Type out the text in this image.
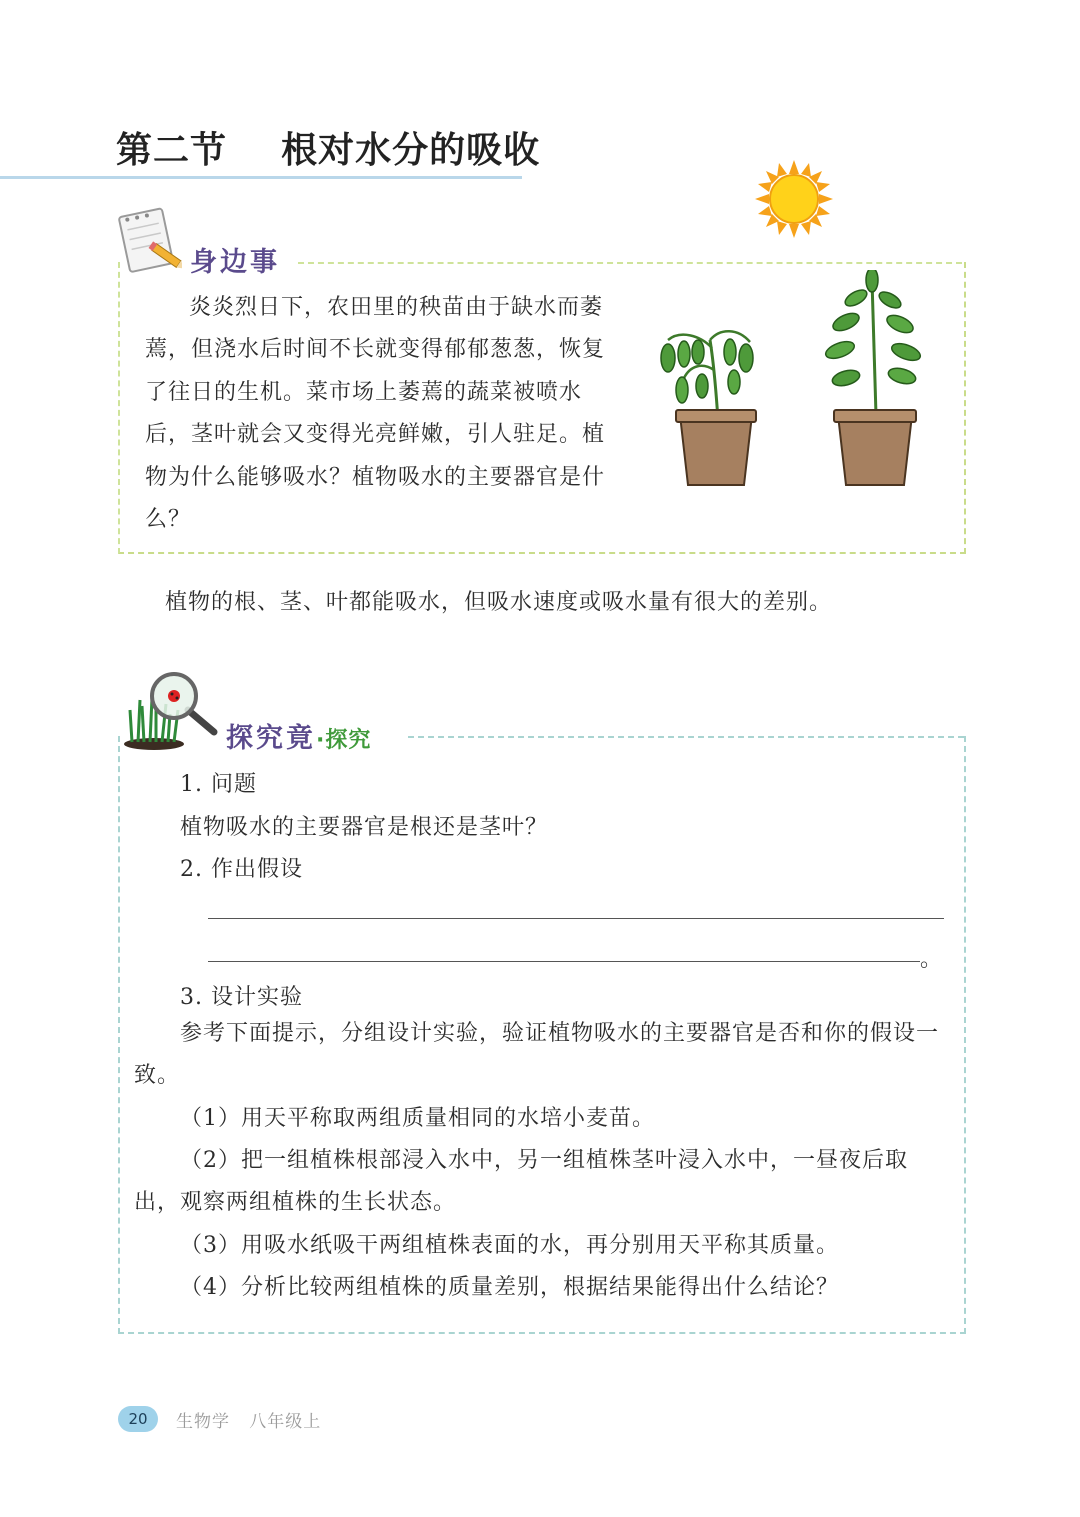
第二节    根对水分的吸收
身边事
炎炎烈日下，农田里的秧苗由于缺水而萎蔫，但浇水后时间不长就变得郁郁葱葱，恢复了往日的生机。菜市场上萎蔫的蔬菜被喷水后，茎叶就会又变得光亮鲜嫩，引人驻足。植物为什么能够吸水？植物吸水的主要器官是什么？
植物的根、茎、叶都能吸水，但吸水速度或吸水量有很大的差别。
探究竟·探究
1. 问题
植物吸水的主要器官是根还是茎叶？
2. 作出假设
。
3. 设计实验
参考下面提示，分组设计实验，验证植物吸水的主要器官是否和你的假设一致。
（1）用天平称取两组质量相同的水培小麦苗。
（2）把一组植株根部浸入水中，另一组植株茎叶浸入水中，一昼夜后取出，观察两组植株的生长状态。
（3）用吸水纸吸干两组植株表面的水，再分别用天平称其质量。
（4）分析比较两组植株的质量差别，根据结果能得出什么结论？
20	生物学   八年级上
